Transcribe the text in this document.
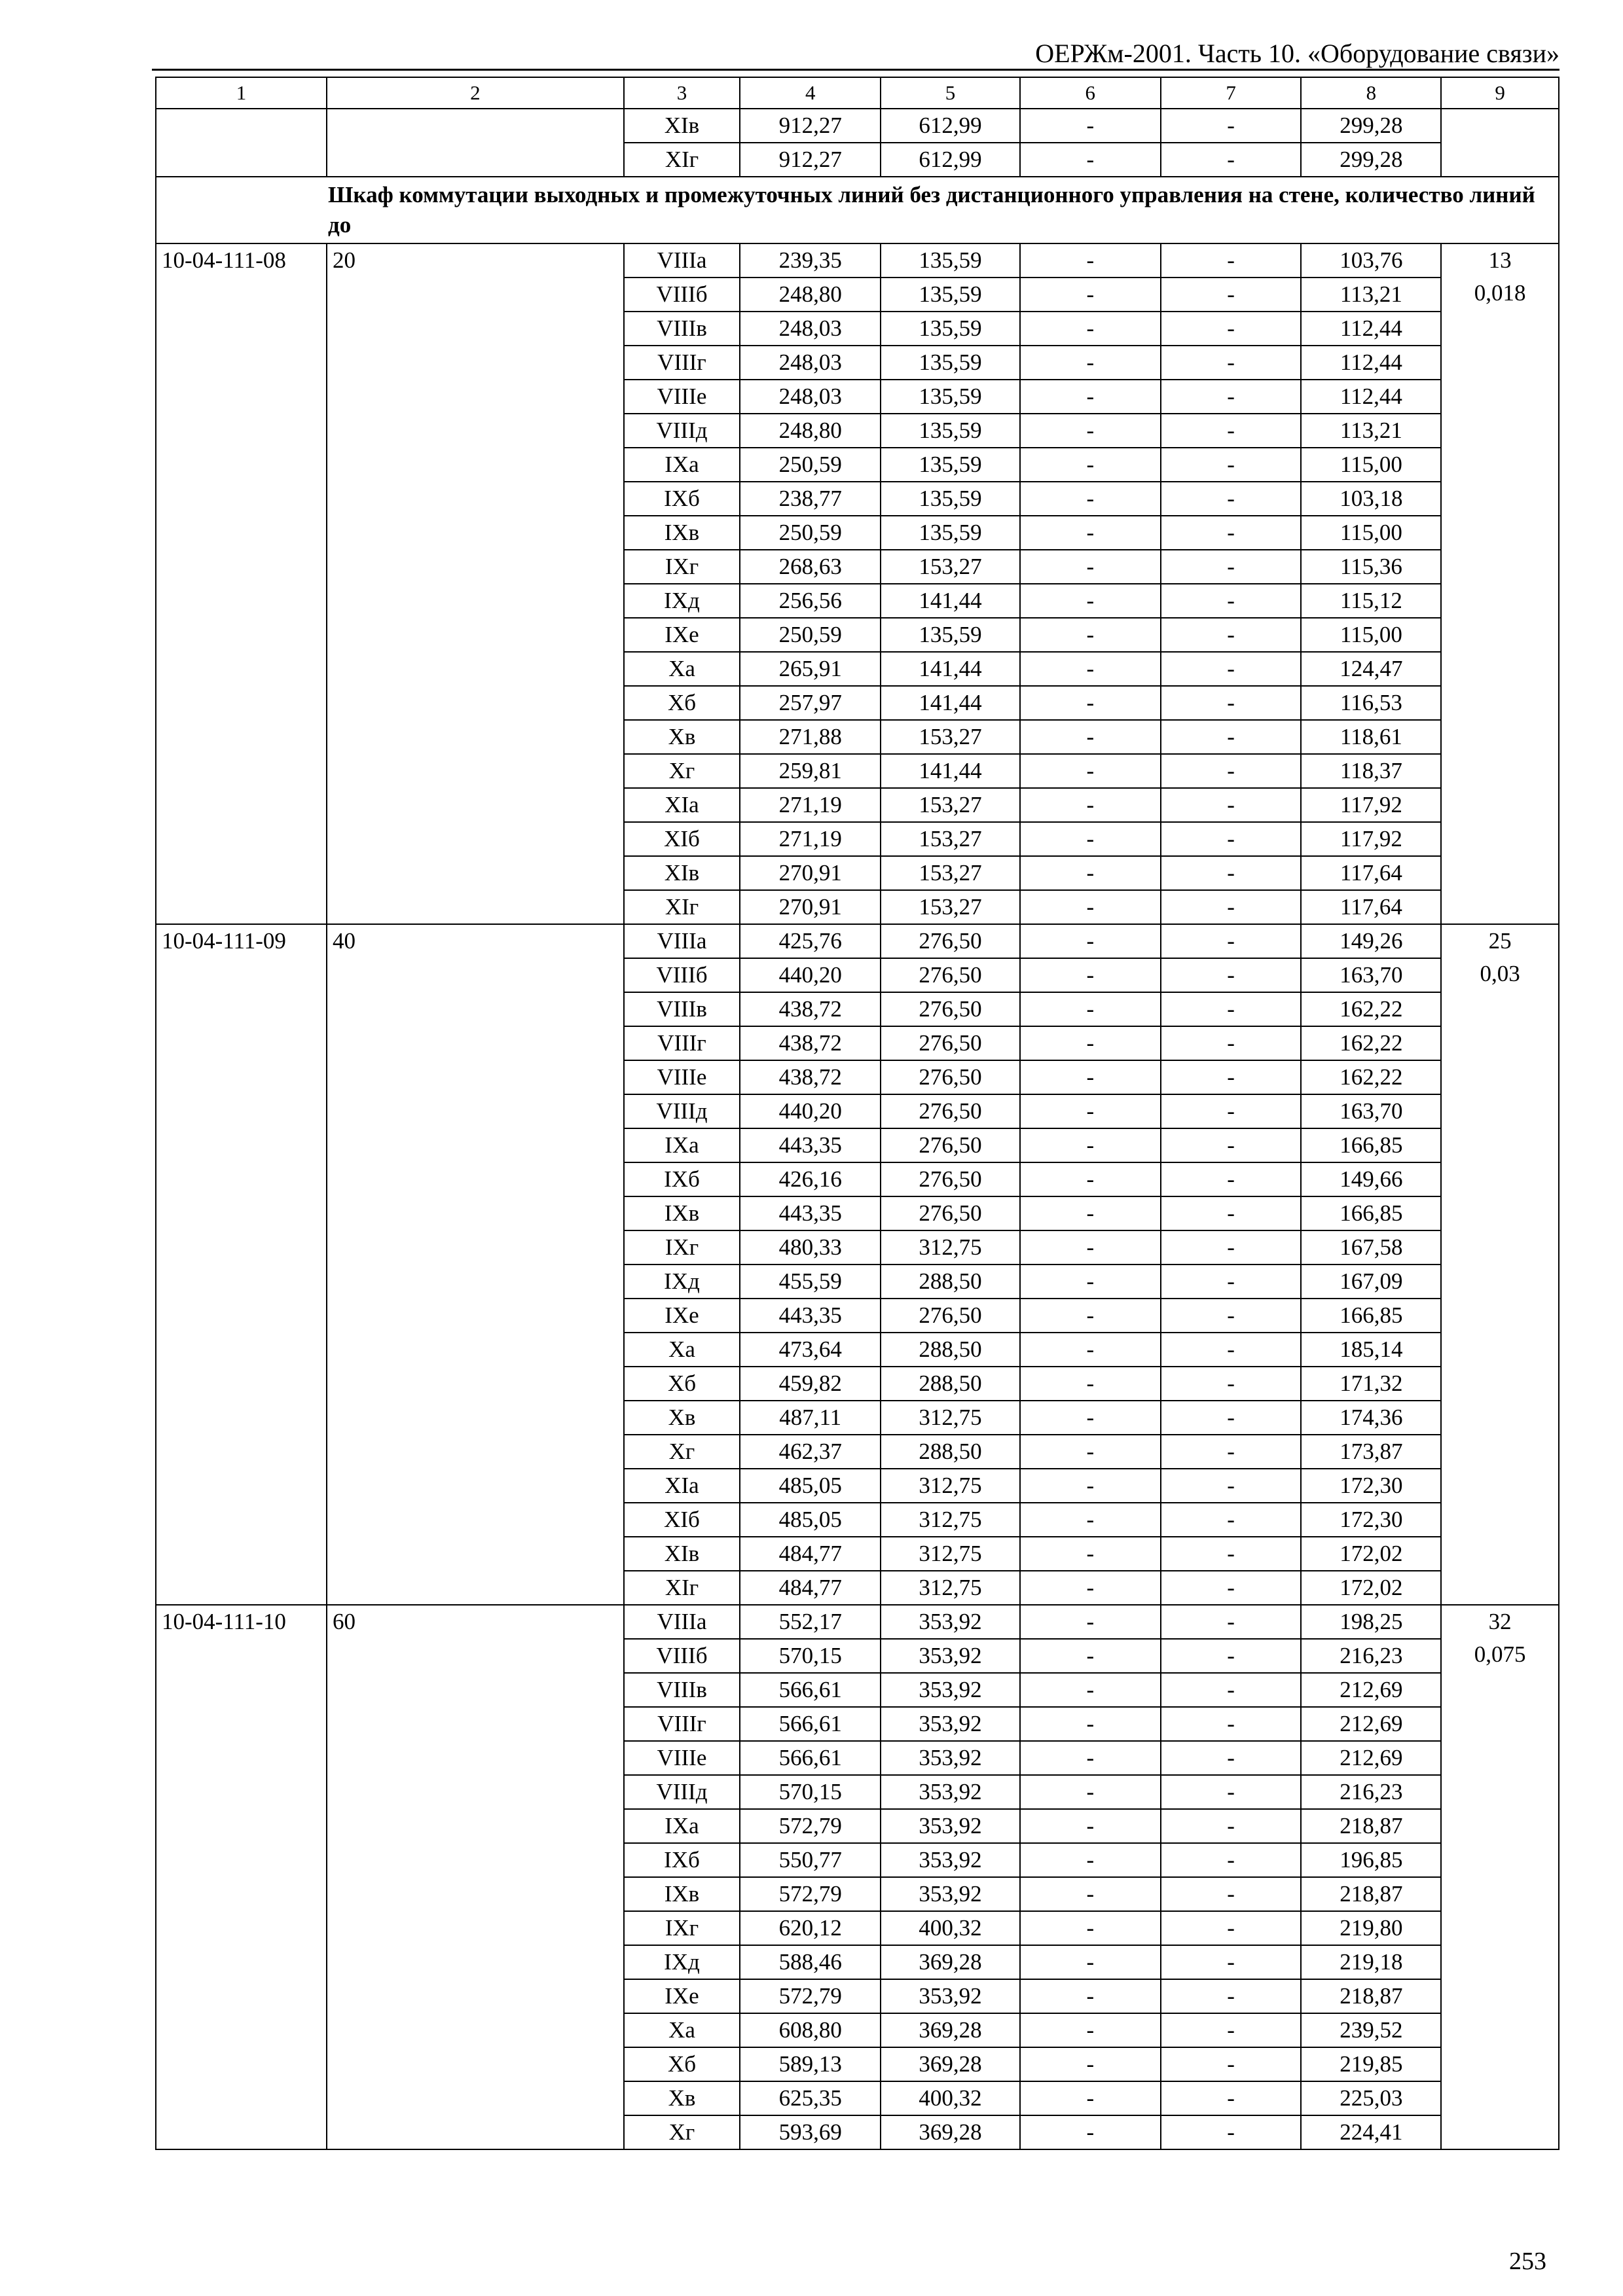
ОЕРЖм-2001. Часть 10. «Оборудование связи»
1	2	3	4	5	6	7	8	9
		XIв	912,27	612,99	-	-	299,28	
		XIг	912,27	612,99	-	-	299,28	
Шкаф коммутации выходных и промежуточных линий без дистанционного управления на стене, количество линий до								
10-04-111-08	20	VIIIа	239,35	135,59	-	-	103,76	13
0,018

		VIIIб	248,80	135,59	-	-	113,21	
		VIIIв	248,03	135,59	-	-	112,44	
		VIIIг	248,03	135,59	-	-	112,44	
		VIIIе	248,03	135,59	-	-	112,44	
		VIIIд	248,80	135,59	-	-	113,21	
		IXа	250,59	135,59	-	-	115,00	
		IXб	238,77	135,59	-	-	103,18	
		IXв	250,59	135,59	-	-	115,00	
		IXг	268,63	153,27	-	-	115,36	
		IXд	256,56	141,44	-	-	115,12	
		IXе	250,59	135,59	-	-	115,00	
		Xа	265,91	141,44	-	-	124,47	
		Xб	257,97	141,44	-	-	116,53	
		Xв	271,88	153,27	-	-	118,61	
		Xг	259,81	141,44	-	-	118,37	
		XIа	271,19	153,27	-	-	117,92	
		XIб	271,19	153,27	-	-	117,92	
		XIв	270,91	153,27	-	-	117,64	
		XIг	270,91	153,27	-	-	117,64	
10-04-111-09	40	VIIIа	425,76	276,50	-	-	149,26	25
0,03

		VIIIб	440,20	276,50	-	-	163,70	
		VIIIв	438,72	276,50	-	-	162,22	
		VIIIг	438,72	276,50	-	-	162,22	
		VIIIе	438,72	276,50	-	-	162,22	
		VIIIд	440,20	276,50	-	-	163,70	
		IXа	443,35	276,50	-	-	166,85	
		IXб	426,16	276,50	-	-	149,66	
		IXв	443,35	276,50	-	-	166,85	
		IXг	480,33	312,75	-	-	167,58	
		IXд	455,59	288,50	-	-	167,09	
		IXе	443,35	276,50	-	-	166,85	
		Xа	473,64	288,50	-	-	185,14	
		Xб	459,82	288,50	-	-	171,32	
		Xв	487,11	312,75	-	-	174,36	
		Xг	462,37	288,50	-	-	173,87	
		XIа	485,05	312,75	-	-	172,30	
		XIб	485,05	312,75	-	-	172,30	
		XIв	484,77	312,75	-	-	172,02	
		XIг	484,77	312,75	-	-	172,02	
10-04-111-10	60	VIIIа	552,17	353,92	-	-	198,25	32
0,075

		VIIIб	570,15	353,92	-	-	216,23	
		VIIIв	566,61	353,92	-	-	212,69	
		VIIIг	566,61	353,92	-	-	212,69	
		VIIIе	566,61	353,92	-	-	212,69	
		VIIIд	570,15	353,92	-	-	216,23	
		IXа	572,79	353,92	-	-	218,87	
		IXб	550,77	353,92	-	-	196,85	
		IXв	572,79	353,92	-	-	218,87	
		IXг	620,12	400,32	-	-	219,80	
		IXд	588,46	369,28	-	-	219,18	
		IXе	572,79	353,92	-	-	218,87	
		Xа	608,80	369,28	-	-	239,52	
		Xб	589,13	369,28	-	-	219,85	
		Xв	625,35	400,32	-	-	225,03	
		Xг	593,69	369,28	-	-	224,41	
253
